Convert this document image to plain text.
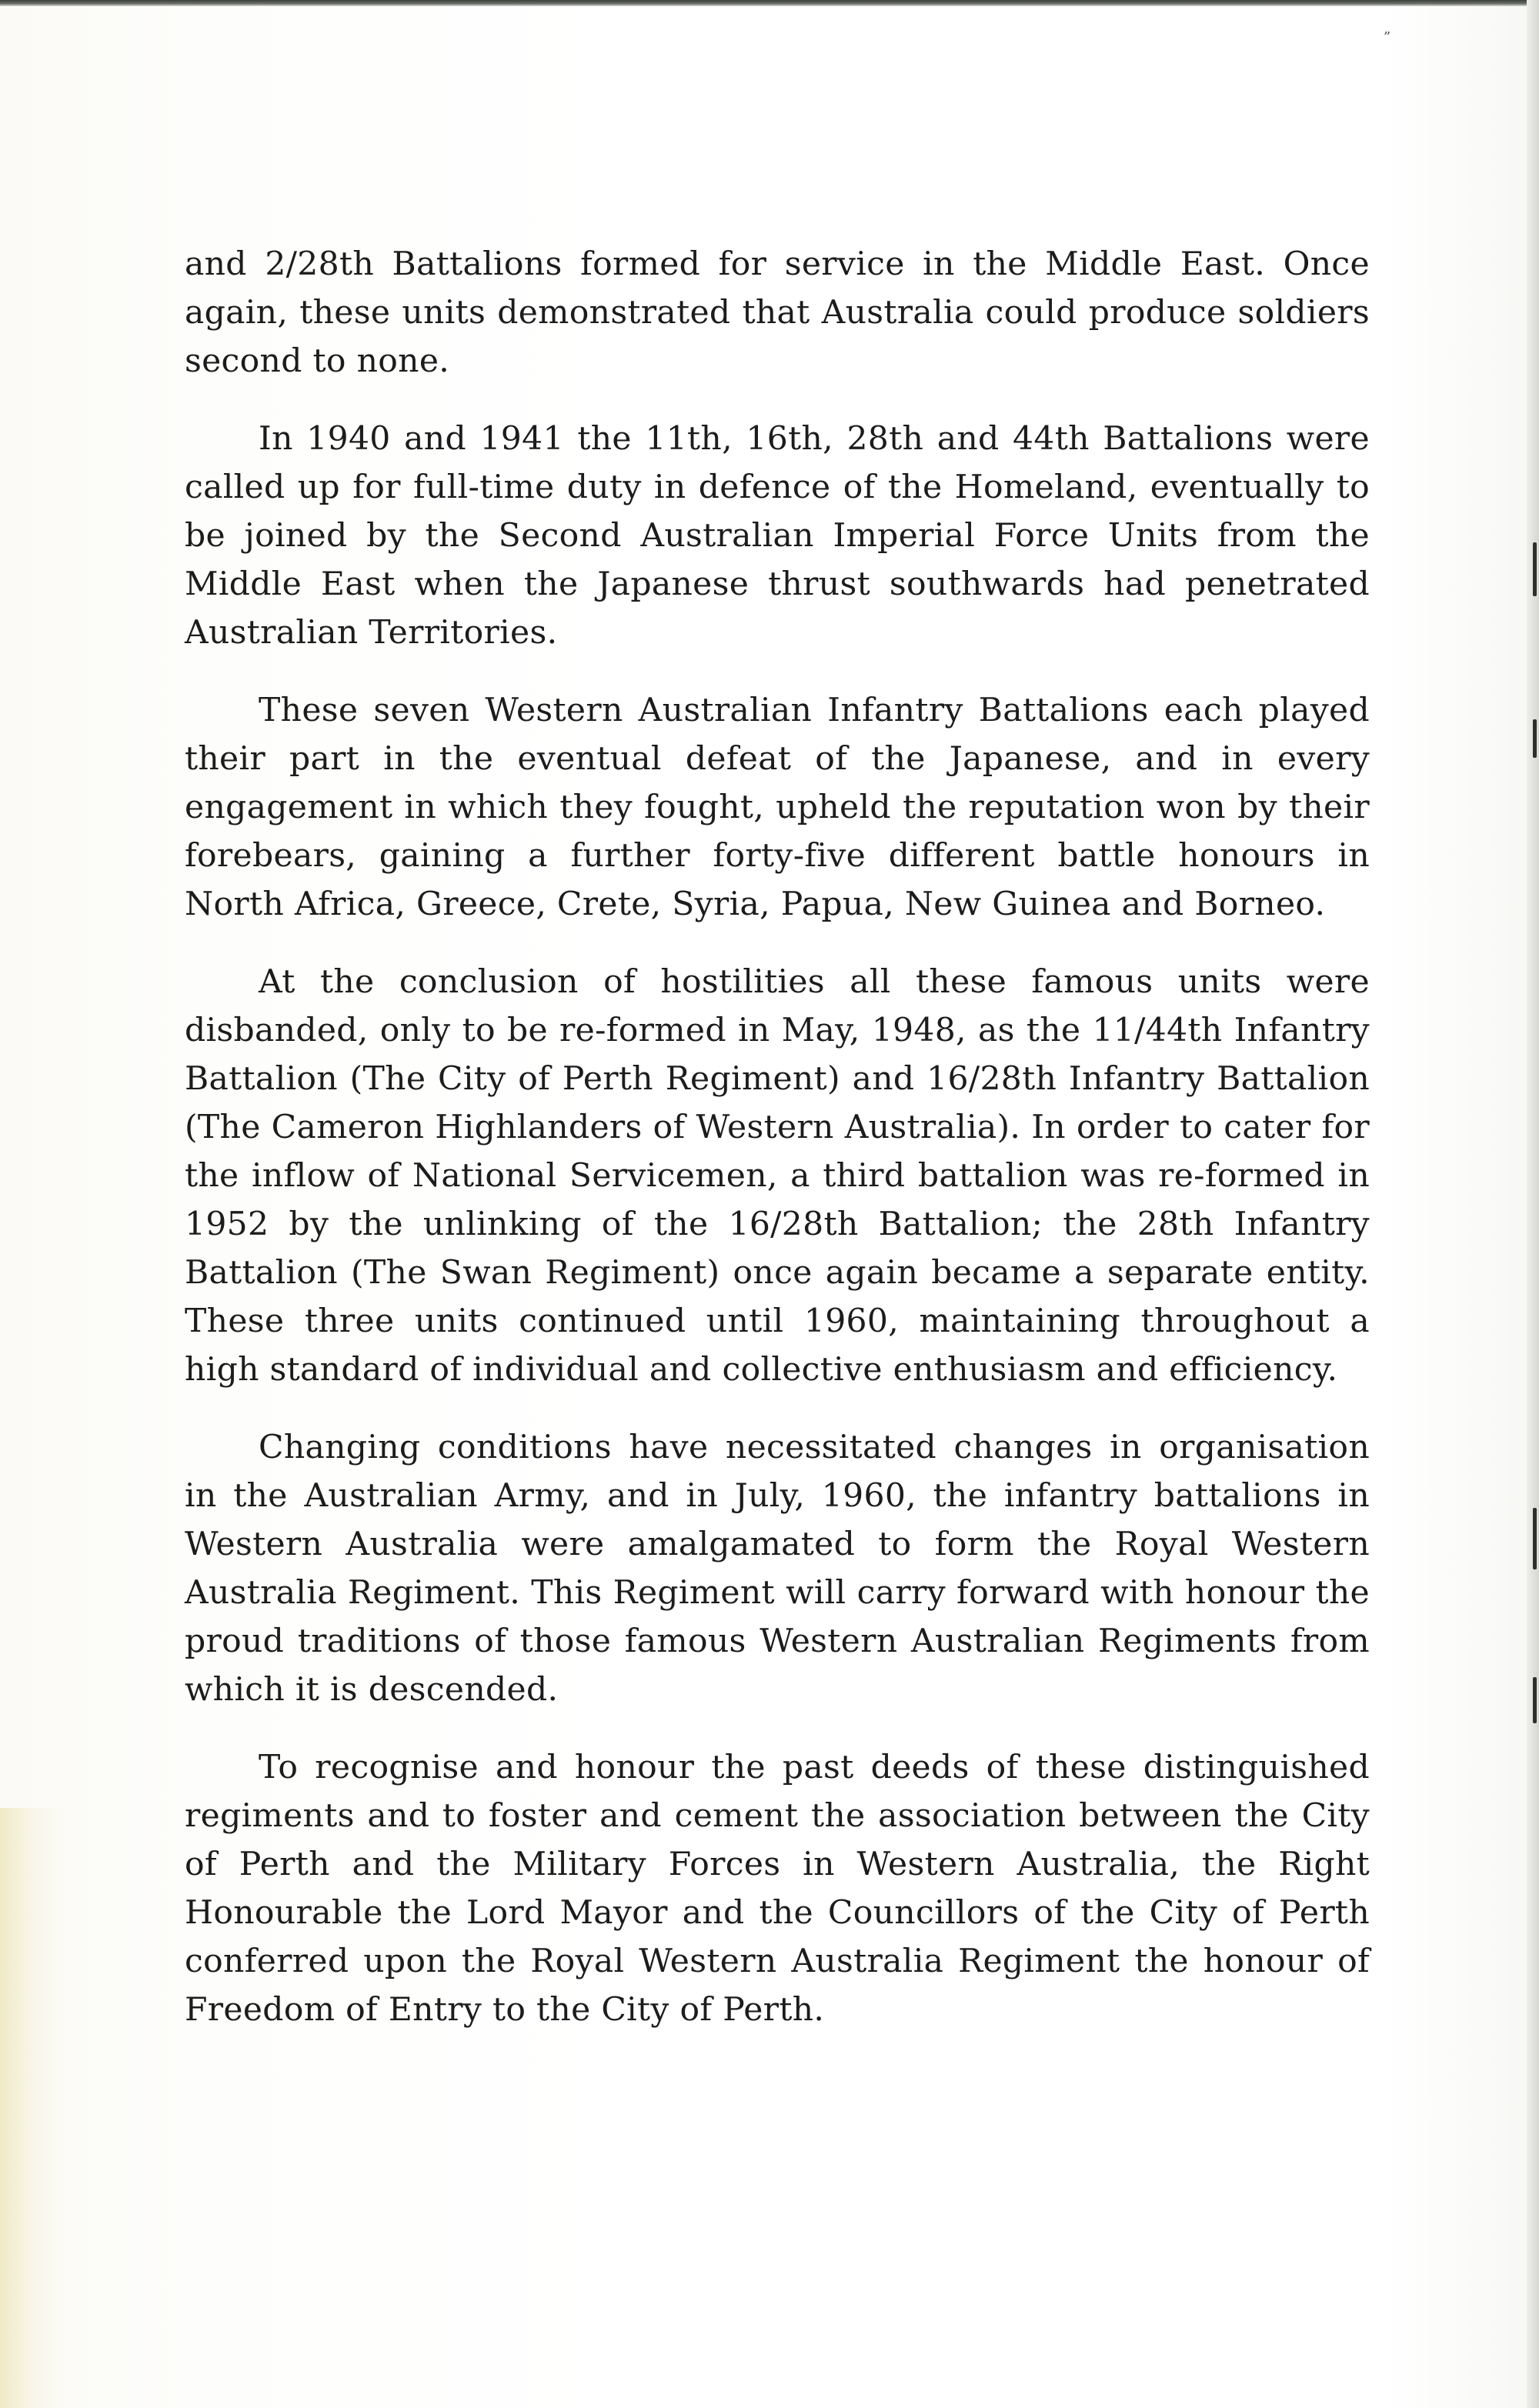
”

and 2/28th Battalions formed for service in the Middle East. Once again, these units demonstrated that Australia could produce soldiers second to none.

In 1940 and 1941 the 11th, 16th, 28th and 44th Battalions were called up for full-time duty in defence of the Homeland, eventually to be joined by the Second Australian Imperial Force Units from the Middle East when the Japanese thrust southwards had penetrated Australian Territories.

These seven Western Australian Infantry Battalions each played their part in the eventual defeat of the Japanese, and in every engagement in which they fought, upheld the reputation won by their forebears, gaining a further forty-five different battle honours in North Africa, Greece, Crete, Syria, Papua, New Guinea and Borneo.

At the conclusion of hostilities all these famous units were disbanded, only to be re-formed in May, 1948, as the 11/44th Infantry Battalion (The City of Perth Regiment) and 16/28th Infantry Battalion (The Cameron Highlanders of Western Australia). In order to cater for the inflow of National Servicemen, a third battalion was re-formed in 1952 by the unlinking of the 16/28th Battalion; the 28th Infantry Battalion (The Swan Regiment) once again became a separate entity. These three units continued until 1960, maintaining throughout a high standard of individual and collective enthusiasm and efficiency.

Changing conditions have necessitated changes in organisation in the Australian Army, and in July, 1960, the infantry battalions in Western Australia were amalgamated to form the Royal Western Australia Regiment. This Regiment will carry forward with honour the proud traditions of those famous Western Australian Regiments from which it is descended.

To recognise and honour the past deeds of these distinguished regiments and to foster and cement the association between the City of Perth and the Military Forces in Western Australia, the Right Honourable the Lord Mayor and the Councillors of the City of Perth conferred upon the Royal Western Australia Regiment the honour of Freedom of Entry to the City of Perth.
